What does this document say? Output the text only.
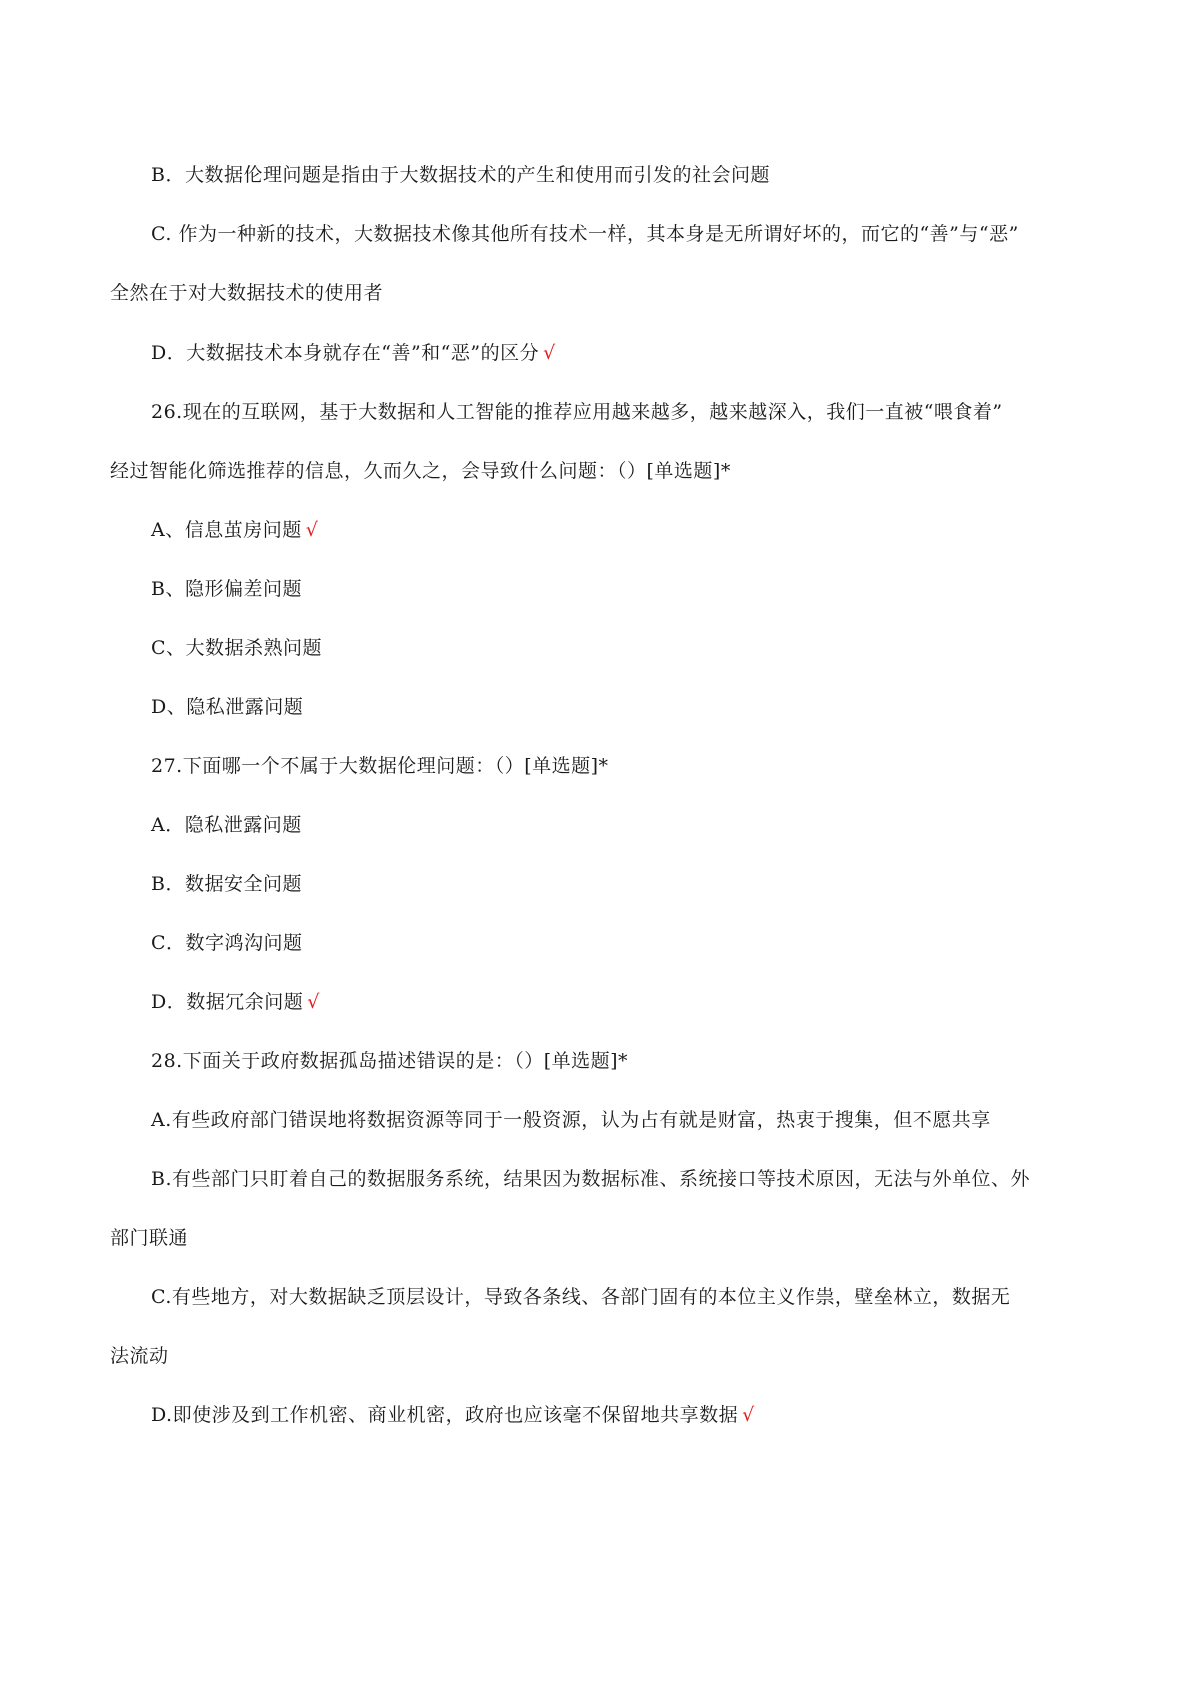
B．大数据伦理问题是指由于大数据技术的产生和使用而引发的社会问题
C. 作为一种新的技术，大数据技术像其他所有技术一样，其本身是无所谓好坏的，而它的“善”与“恶”
全然在于对大数据技术的使用者
D．大数据技术本身就存在“善”和“恶”的区分 √
26.现在的互联网，基于大数据和人工智能的推荐应用越来越多，越来越深入，我们一直被“喂食着”
经过智能化筛选推荐的信息，久而久之，会导致什么问题：（）[单选题]*
A、信息茧房问题 √
B、隐形偏差问题
C、大数据杀熟问题
D、隐私泄露问题
27.下面哪一个不属于大数据伦理问题：（）[单选题]*
A．隐私泄露问题
B．数据安全问题
C．数字鸿沟问题
D．数据冗余问题 √
28.下面关于政府数据孤岛描述错误的是：（）[单选题]*
A.有些政府部门错误地将数据资源等同于一般资源，认为占有就是财富，热衷于搜集，但不愿共享
B.有些部门只盯着自己的数据服务系统，结果因为数据标准、系统接口等技术原因，无法与外单位、外
部门联通
C.有些地方，对大数据缺乏顶层设计，导致各条线、各部门固有的本位主义作祟，壁垒林立，数据无
法流动
D.即使涉及到工作机密、商业机密，政府也应该毫不保留地共享数据 √
